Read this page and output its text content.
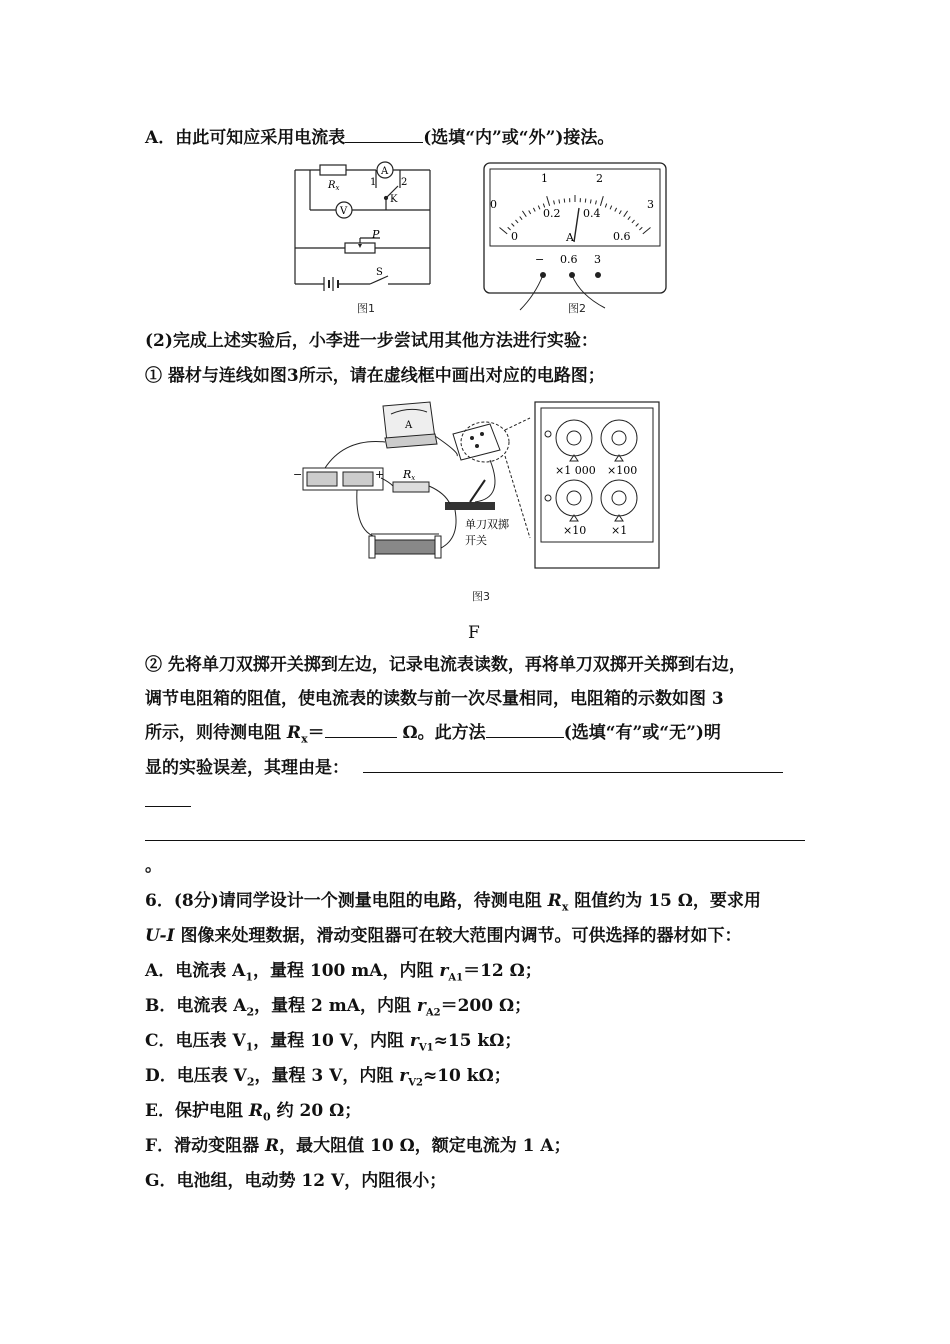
A．由此可知应采用电流表	(选填“内”或“外”)接法。
$R_x$
A
V
1 2
K
P
S
图1
0
1	2
3
0
0.2 0.4
0.6
A
− 0.6 3
图2
(2)完成上述实验后，小李进一步尝试用其他方法进行实验：
① 器材与连线如图3所示，请在虚线框中画出对应的电路图；
A
−	+ Rx
单刀双掷
开关
×1 000 ×100
×10 ×1
图3
F
② 先将单刀双掷开关掷到左边，记录电流表读数，再将单刀双掷开关掷到右边，
调节电阻箱的阻值，使电流表的读数与前一次尽量相同，电阻箱的示数如图 3
所示，则待测电阻 $R_x=$	Ω。此方法	(选填“有”或“无”)明
显的实验误差，其理由是：
。
6．(8分)请同学设计一个测量电阻的电路，待测电阻 $R_x$ 阻值约为 15 Ω，要求用
U-I 图像来处理数据，滑动变阻器可在较大范围内调节。可供选择的器材如下：
A．电流表 $A_1$，量程 100 mA，内阻 $r_{A1}=12$ Ω；
B．电流表 $A_2$，量程 2 mA，内阻 $r_{A2}=200$ Ω；
C．电压表 $V_1$，量程 10 V，内阻 $r_{V1}\approx 15$ kΩ；
D．电压表 $V_2$，量程 3 V，内阻 $r_{V2}\approx 10$ kΩ；
E．保护电阻 $R_0$ 约 20 Ω；
F．滑动变阻器 R，最大阻值 10 Ω，额定电流为 1 A；
G．电池组，电动势 12 V，内阻很小；
